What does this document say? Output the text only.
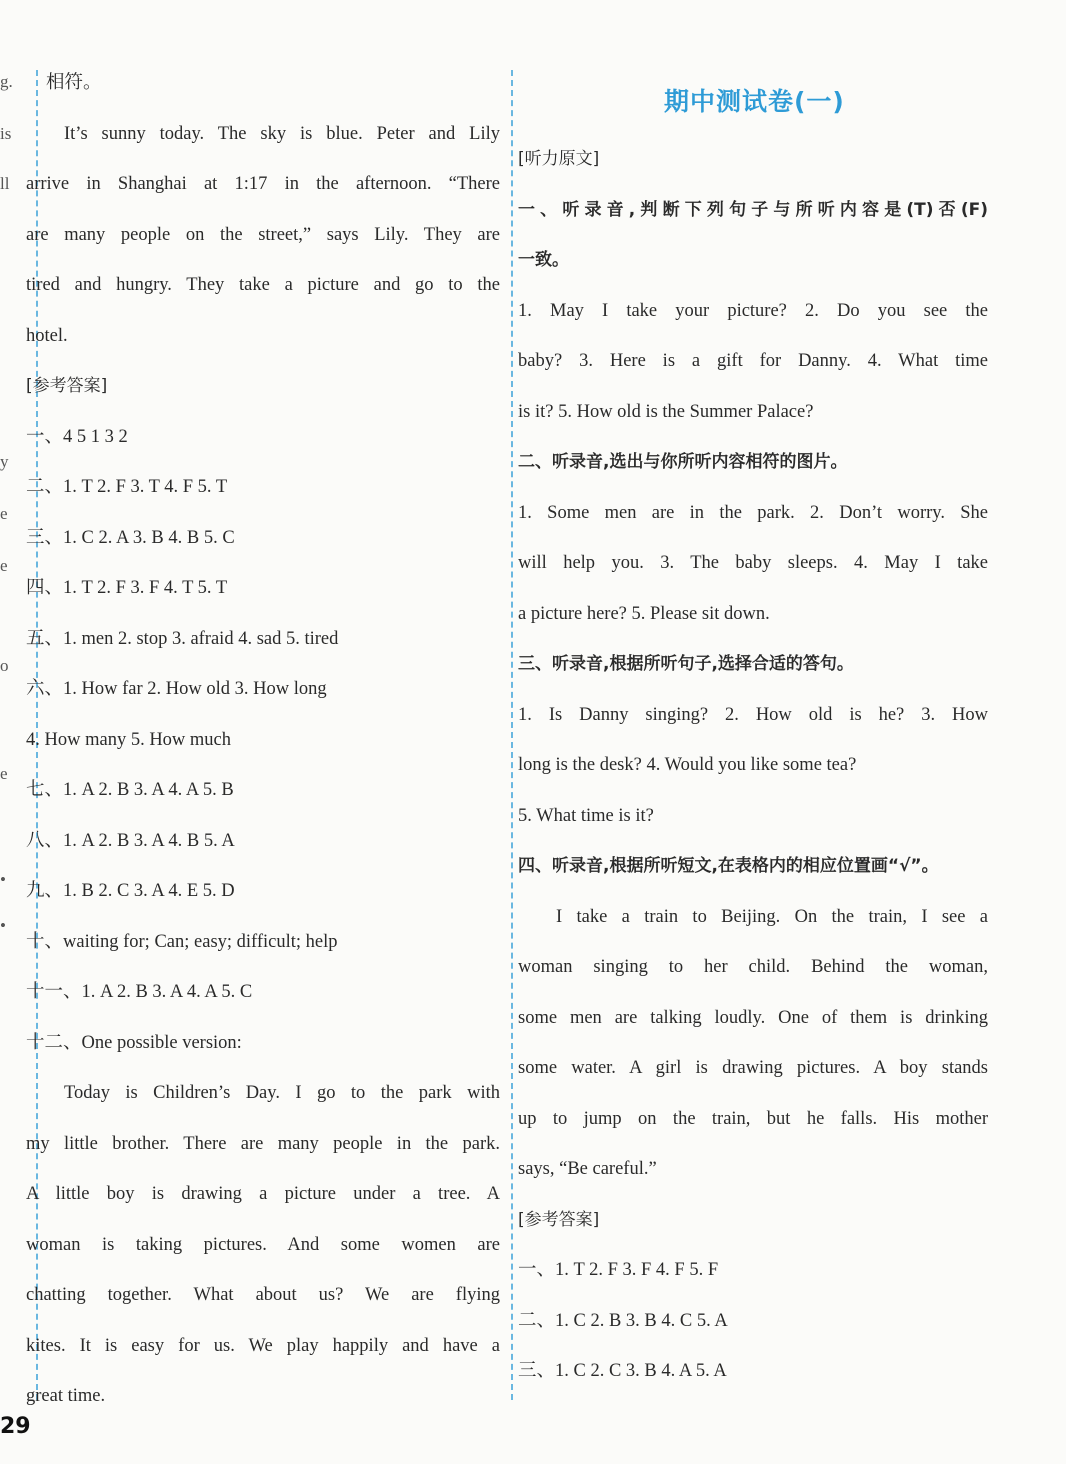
g.
is
ll
y
e
e
o
e
•
•
相符。
It’s sunny today. The sky is blue. Peter and Lily
arrive in Shanghai at 1:17 in the afternoon. “There
are many people on the street,” says Lily. They are
tired and hungry. They take a picture and go to the
hotel.
[参考答案]
一、4 5 1 3 2
二、1. T 2. F 3. T 4. F 5. T
三、1. C 2. A 3. B 4. B 5. C
四、1. T 2. F 3. F 4. T 5. T
五、1. men 2. stop 3. afraid 4. sad 5. tired
六、1. How far 2. How old 3. How long
4. How many 5. How much
七、1. A 2. B 3. A 4. A 5. B
八、1. A 2. B 3. A 4. B 5. A
九、1. B 2. C 3. A 4. E 5. D
十、waiting for; Can; easy; difficult; help
十一、1. A 2. B 3. A 4. A 5. C
十二、One possible version:
Today is Children’s Day. I go to the park with
my little brother. There are many people in the park.
A little boy is drawing a picture under a tree. A
woman is taking pictures. And some women are
chatting together. What about us? We are flying
kites. It is easy for us. We play happily and have a
great time.
期中测试卷(一)
[听力原文]
一、听录音,判断下列句子与所听内容是(T)否(F)
一致。
1. May I take your picture? 2. Do you see the
baby? 3. Here is a gift for Danny. 4. What time
is it? 5. How old is the Summer Palace?
二、听录音,选出与你所听内容相符的图片。
1. Some men are in the park. 2. Don’t worry. She
will help you. 3. The baby sleeps. 4. May I take
a picture here? 5. Please sit down.
三、听录音,根据所听句子,选择合适的答句。
1. Is Danny singing? 2. How old is he? 3. How
long is the desk? 4. Would you like some tea?
5. What time is it?
四、听录音,根据所听短文,在表格内的相应位置画“√”。
I take a train to Beijing. On the train, I see a
woman singing to her child. Behind the woman,
some men are talking loudly. One of them is drinking
some water. A girl is drawing pictures. A boy stands
up to jump on the train, but he falls. His mother
says, “Be careful.”
[参考答案]
一、1. T 2. F 3. F 4. F 5. F
二、1. C 2. B 3. B 4. C 5. A
三、1. C 2. C 3. B 4. A 5. A
29
